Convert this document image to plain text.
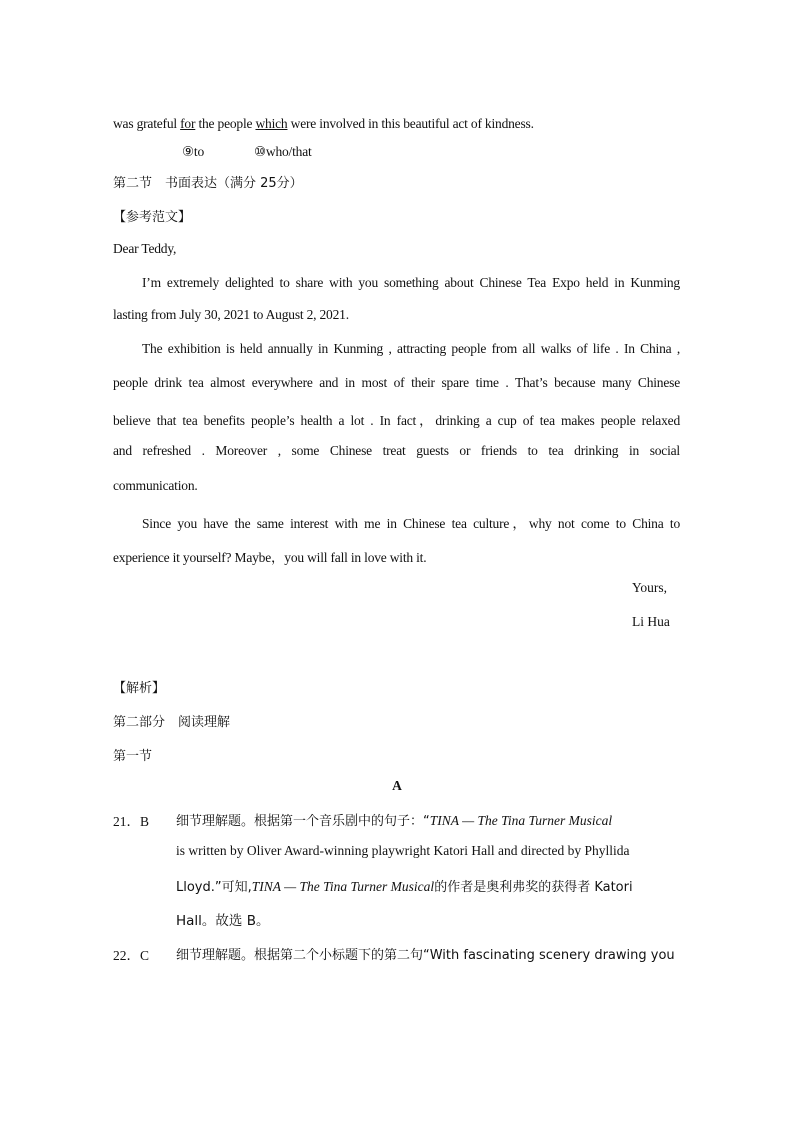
was grateful for the people which were involved in this beautiful act of kindness.
⑨to	⑩who/that
第二节　书面表达（满分 25分）
【参考范文】
Dear Teddy,
I’m extremely delighted to share with you something about Chinese Tea Expo held in Kunming
lasting from July 30, 2021 to August 2, 2021.
The exhibition is held annually in Kunming , attracting people from all walks of life . In China ,
people drink tea almost everywhere and in most of their spare time . That’s because many Chinese
believe that tea benefits people’s health a lot . In fact，drinking a cup of tea makes people relaxed
and refreshed . Moreover , some Chinese treat guests or friends to tea drinking in social
communication.
Since you have the same interest with me in Chinese tea culture，why not come to China to
experience it yourself? Maybe，you will fall in love with it.
Yours,
Li Hua
【解析】
第二部分　阅读理解
第一节
A
21．B 细节理解题。根据第一个音乐剧中的句子：“TINA — The Tina Turner Musical
is written by Oliver Award-winning playwright Katori Hall and directed by Phyllida
Lloyd.”可知,TINA — The Tina Turner Musical的作者是奥利弗奖的获得者 Katori
Hall。故选 B。
22．C 细节理解题。根据第二个小标题下的第二句“With fascinating scenery drawing you
